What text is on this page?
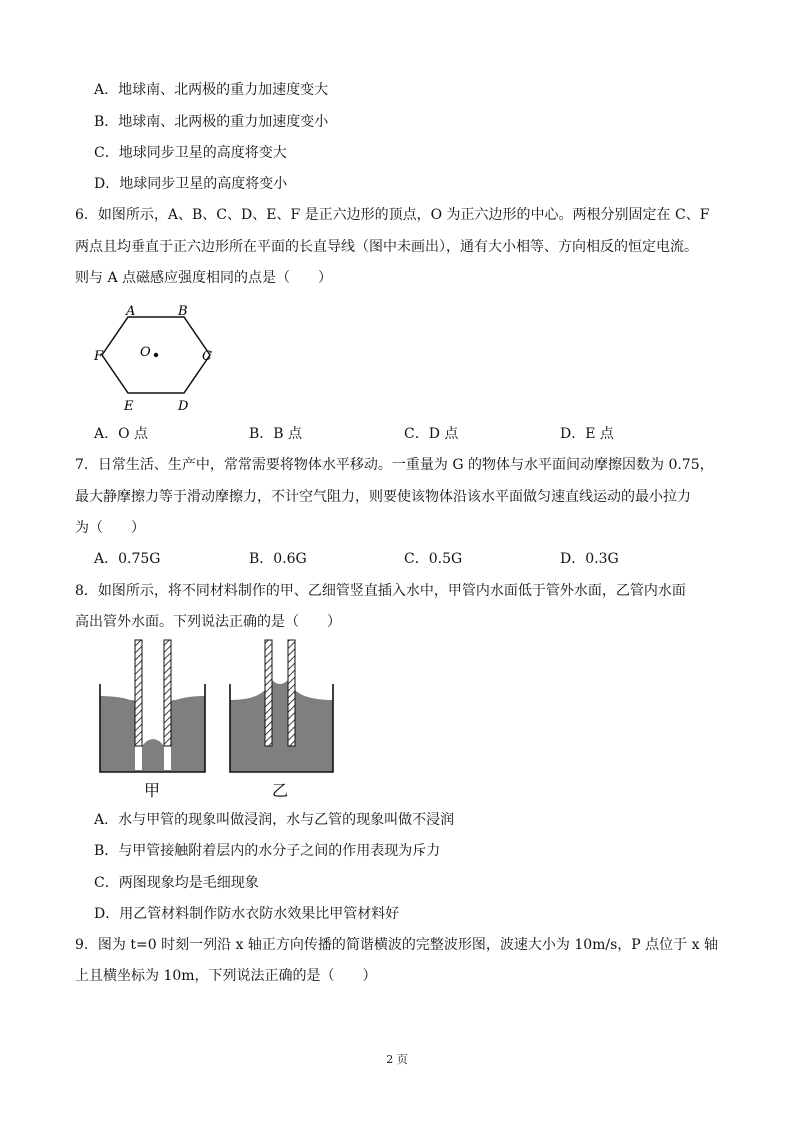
A．地球南、北两极的重力加速度变大
B．地球南、北两极的重力加速度变小
C．地球同步卫星的高度将变大
D．地球同步卫星的高度将变小
6．如图所示，A、B、C、D、E、F 是正六边形的顶点，O 为正六边形的中心。两根分别固定在 C、F
两点且均垂直于正六边形所在平面的长直导线（图中未画出），通有大小相等、方向相反的恒定电流。
则与 A 点磁感应强度相同的点是（　　）
A	B
C
D
E
F	O
A．O 点	B．B 点	C．D 点	D．E 点
7．日常生活、生产中，常常需要将物体水平移动。一重量为 G 的物体与水平面间动摩擦因数为 0.75，
最大静摩擦力等于滑动摩擦力，不计空气阻力，则要使该物体沿该水平面做匀速直线运动的最小拉力
为（　　）
A．0.75G	B．0.6G	C．0.5G	D．0.3G
8．如图所示，将不同材料制作的甲、乙细管竖直插入水中，甲管内水面低于管外水面，乙管内水面
高出管外水面。下列说法正确的是（　　）
甲	乙
A．水与甲管的现象叫做浸润，水与乙管的现象叫做不浸润
B．与甲管接触附着层内的水分子之间的作用表现为斥力
C．两图现象均是毛细现象
D．用乙管材料制作防水衣防水效果比甲管材料好
9．图为 t=0 时刻一列沿 x 轴正方向传播的简谐横波的完整波形图，波速大小为 10m/s，P 点位于 x 轴
上且横坐标为 10m，下列说法正确的是（　　）
2 页
